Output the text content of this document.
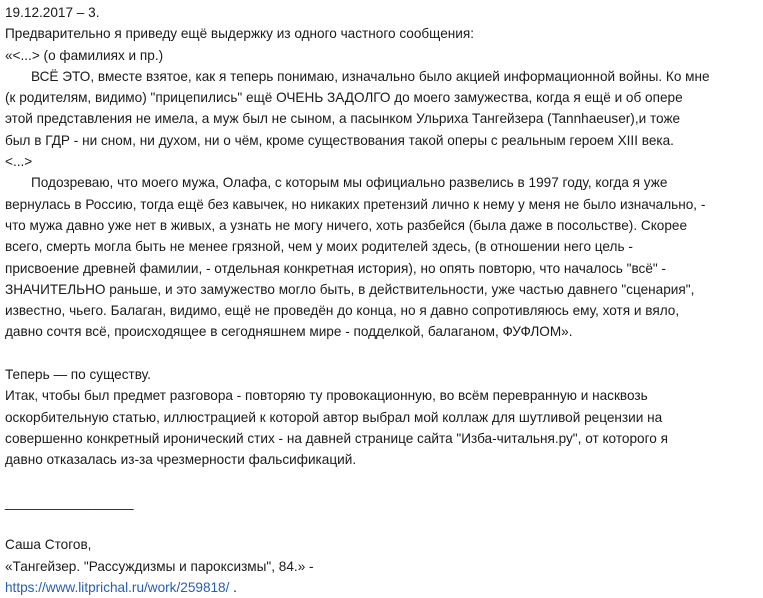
19.12.2017 – 3.
Предварительно я приведу ещё выдержку из одного частного сообщения:
«<...> (о фамилиях и пр.)
ВСЁ ЭТО, вместе взятое, как я теперь понимаю, изначально было акцией информационной войны. Ко мне
(к родителям, видимо) "прицепились" ещё ОЧЕНЬ ЗАДОЛГО до моего замужества, когда я ещё и об опере
этой представления не имела, а муж был не сыном, а пасынком Ульриха Тангейзера (Tannhaeuser),и тоже
был в ГДР - ни сном, ни духом, ни о чём, кроме существования такой оперы с реальным героем XIII века.
<...>
Подозреваю, что моего мужа, Олафа, с которым мы официально развелись в 1997 году, когда я уже
вернулась в Россию, тогда ещё без кавычек, но никаких претензий лично к нему у меня не было изначально, -
что мужа давно уже нет в живых, а узнать не могу ничего, хоть разбейся (была даже в посольстве). Скорее
всего, смерть могла быть не менее грязной, чем у моих родителей здесь, (в отношении него цель -
присвоение древней фамилии, - отдельная конкретная история), но опять повторю, что началось "всё" -
ЗНАЧИТЕЛЬНО раньше, и это замужество могло быть, в действительности, уже частью давнего "сценария",
известно, чьего. Балаган, видимо, ещё не проведён до конца, но я давно сопротивляюсь ему, хотя и вяло,
давно сочтя всё, происходящее в сегодняшнем мире - подделкой, балаганом, ФУФЛОМ».
Теперь — по существу.
Итак, чтобы был предмет разговора - повторяю ту провокационную, во всём перевранную и насквозь
оскорбительную статью, иллюстрацией к которой автор выбрал мой коллаж для шутливой рецензии на
совершенно конкретный иронический стих - на давней странице сайта "Изба-читальня.ру", от которого я
давно отказалась из-за чрезмерности фальсификаций.
_________________
Саша Стогов,
«Тангейзер. "Рассуждизмы и пароксизмы", 84.» -
https://www.litprichal.ru/work/259818/ .
